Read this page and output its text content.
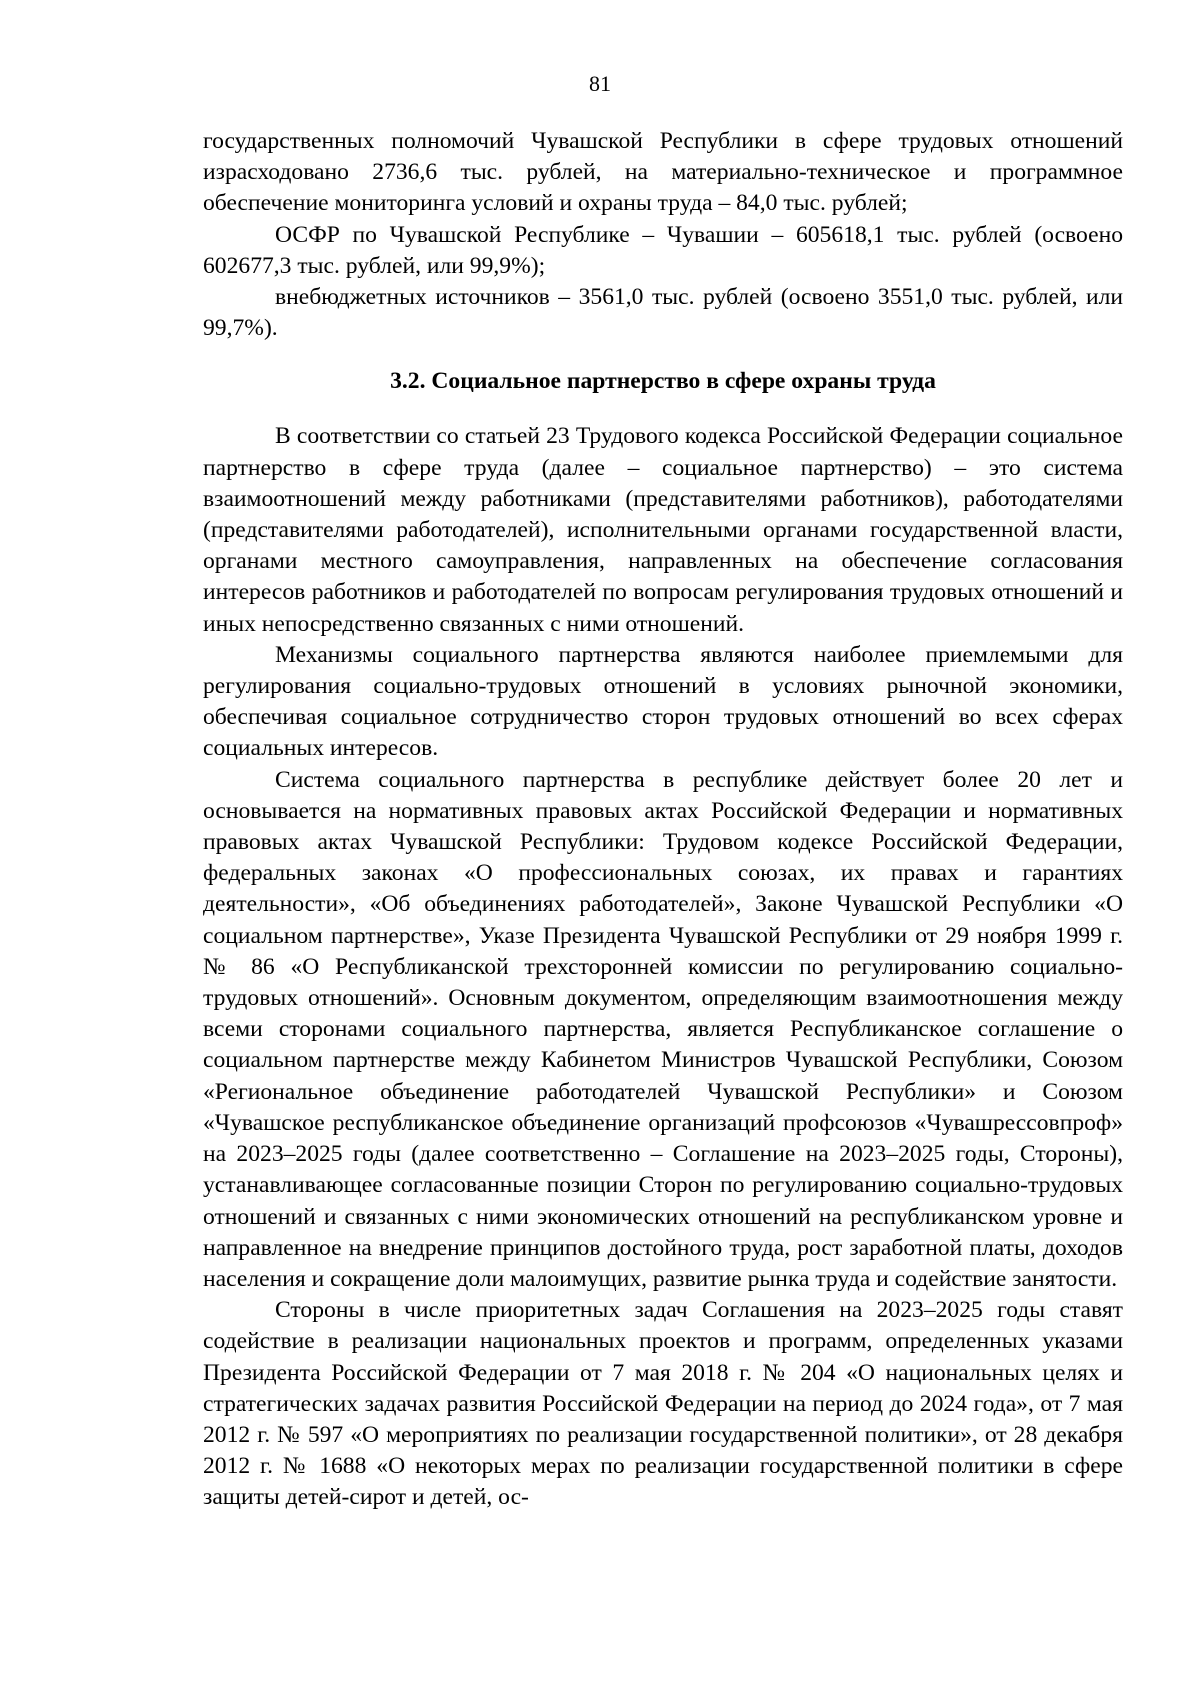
81

государственных полномочий Чувашской Республики в сфере трудовых отношений израсходовано 2736,6 тыс. рублей, на материально-техническое и программное обеспечение мониторинга условий и охраны труда – 84,0 тыс. рублей;

ОСФР по Чувашской Республике – Чувашии – 605618,1 тыс. рублей (освоено 602677,3 тыс. рублей, или 99,9%);

внебюджетных источников – 3561,0 тыс. рублей (освоено 3551,0 тыс. рублей, или 99,7%).

3.2. Социальное партнерство в сфере охраны труда

В соответствии со статьей 23 Трудового кодекса Российской Федерации социальное партнерство в сфере труда (далее – социальное партнерство) – это система взаимоотношений между работниками (представителями работников), работодателями (представителями работодателей), исполнительными органами государственной власти, органами местного самоуправления, направленных на обеспечение согласования интересов работников и работодателей по вопросам регулирования трудовых отношений и иных непосредственно связанных с ними отношений.

Механизмы социального партнерства являются наиболее приемлемыми для регулирования социально-трудовых отношений в условиях рыночной экономики, обеспечивая социальное сотрудничество сторон трудовых отношений во всех сферах социальных интересов.

Система социального партнерства в республике действует более 20 лет и основывается на нормативных правовых актах Российской Федерации и нормативных правовых актах Чувашской Республики: Трудовом кодексе Российской Федерации, федеральных законах «О профессиональных союзах, их правах и гарантиях деятельности», «Об объединениях работодателей», Законе Чувашской Республики «О социальном партнерстве», Указе Президента Чувашской Республики от 29 ноября 1999 г. № 86 «О Республиканской трехсторонней комиссии по регулированию социально-трудовых отношений». Основным документом, определяющим взаимоотношения между всеми сторонами социального партнерства, является Республиканское соглашение о социальном партнерстве между Кабинетом Министров Чувашской Республики, Союзом «Региональное объединение работодателей Чувашской Республики» и Союзом «Чувашское республиканское объединение организаций профсоюзов «Чувашрессовпроф» на 2023–2025 годы (далее соответственно – Соглашение на 2023–2025 годы, Стороны), устанавливающее согласованные позиции Сторон по регулированию социально-трудовых отношений и связанных с ними экономических отношений на республиканском уровне и направленное на внедрение принципов достойного труда, рост заработной платы, доходов населения и сокращение доли малоимущих, развитие рынка труда и содействие занятости.

Стороны в числе приоритетных задач Соглашения на 2023–2025 годы ставят содействие в реализации национальных проектов и программ, определенных указами Президента Российской Федерации от 7 мая 2018 г. № 204 «О национальных целях и стратегических задачах развития Российской Федерации на период до 2024 года», от 7 мая 2012 г. № 597 «О мероприятиях по реализации государственной политики», от 28 декабря 2012 г. № 1688 «О некоторых мерах по реализации государственной политики в сфере защиты детей-сирот и детей, ос-
